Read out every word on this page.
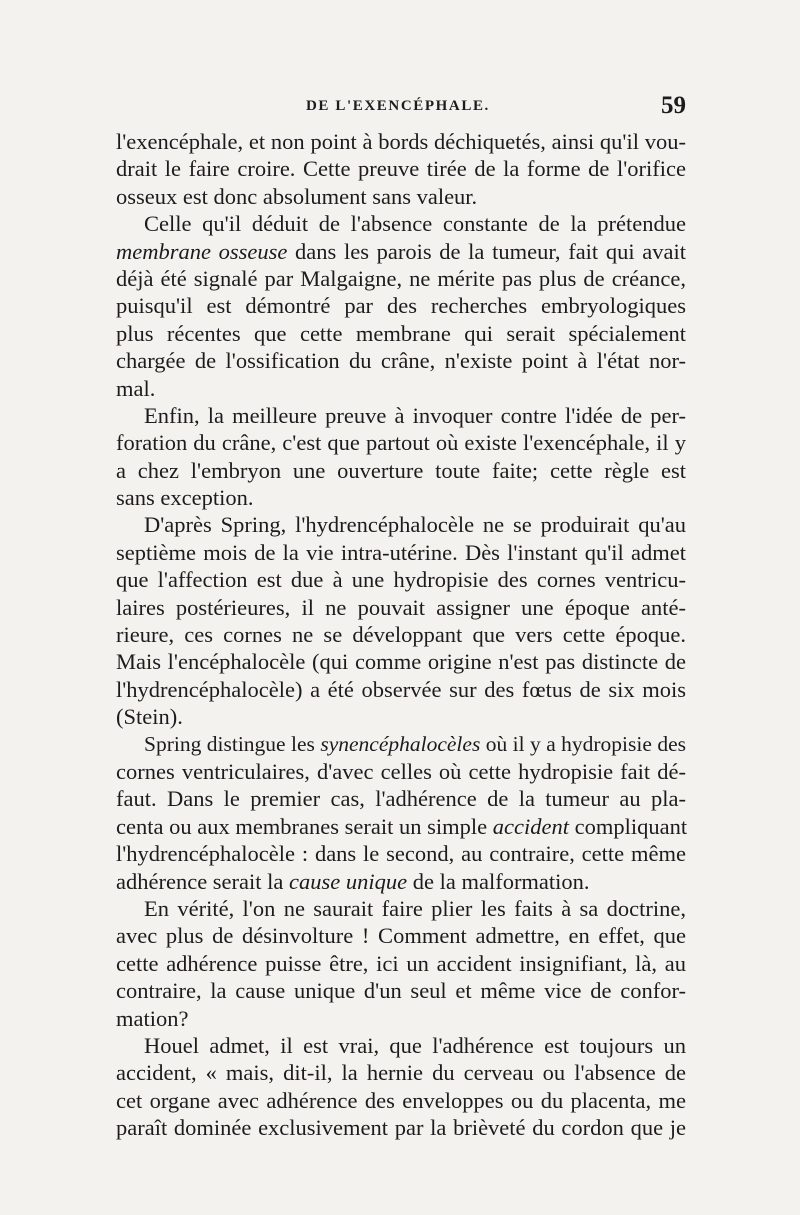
DE L'EXENCÉPHALE.	59
l'exencéphale, et non point à bords déchiquetés, ainsi qu'il vou-
drait le faire croire. Cette preuve tirée de la forme de l'orifice
osseux est donc absolument sans valeur.
Celle qu'il déduit de l'absence constante de la prétendue
membrane osseuse dans les parois de la tumeur, fait qui avait
déjà été signalé par Malgaigne, ne mérite pas plus de créance,
puisqu'il est démontré par des recherches embryologiques
plus récentes que cette membrane qui serait spécialement
chargée de l'ossification du crâne, n'existe point à l'état nor-
mal.
Enfin, la meilleure preuve à invoquer contre l'idée de per-
foration du crâne, c'est que partout où existe l'exencéphale, il y
a chez l'embryon une ouverture toute faite; cette règle est
sans exception.
D'après Spring, l'hydrencéphalocèle ne se produirait qu'au
septième mois de la vie intra-utérine. Dès l'instant qu'il admet
que l'affection est due à une hydropisie des cornes ventricu-
laires postérieures, il ne pouvait assigner une époque anté-
rieure, ces cornes ne se développant que vers cette époque.
Mais l'encéphalocèle (qui comme origine n'est pas distincte de
l'hydrencéphalocèle) a été observée sur des fœtus de six mois
(Stein).
Spring distingue les synencéphalocèles où il y a hydropisie des
cornes ventriculaires, d'avec celles où cette hydropisie fait dé-
faut. Dans le premier cas, l'adhérence de la tumeur au pla-
centa ou aux membranes serait un simple accident compliquant
l'hydrencéphalocèle : dans le second, au contraire, cette même
adhérence serait la cause unique de la malformation.
En vérité, l'on ne saurait faire plier les faits à sa doctrine,
avec plus de désinvolture ! Comment admettre, en effet, que
cette adhérence puisse être, ici un accident insignifiant, là, au
contraire, la cause unique d'un seul et même vice de confor-
mation?
Houel admet, il est vrai, que l'adhérence est toujours un
accident, « mais, dit-il, la hernie du cerveau ou l'absence de
cet organe avec adhérence des enveloppes ou du placenta, me
paraît dominée exclusivement par la brièveté du cordon que je
